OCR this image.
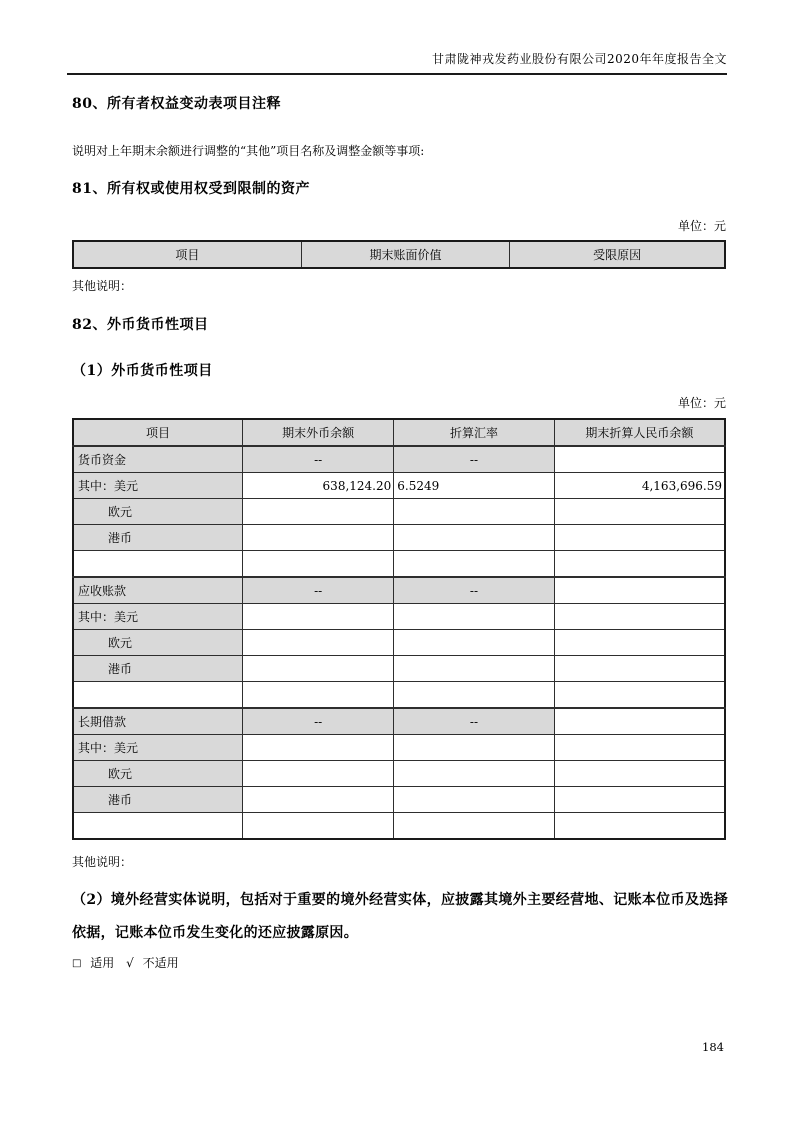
甘肃陇神戎发药业股份有限公司2020年年度报告全文
80、所有者权益变动表项目注释

说明对上年期末余额进行调整的“其他”项目名称及调整金额等事项:

81、所有权或使用权受到限制的资产

单位：元

项目	期末账面价值	受限原因

其他说明：

82、外币货币性项目
（1）外币货币性项目

单位：元

项目	期末外币余额	折算汇率	期末折算人民币余额
货币资金	--	--	
其中：美元	638,124.20	6.5249	4,163,696.59
欧元			
港币			

应收账款	--	--	
其中：美元			
欧元			
港币			

长期借款	--	--	
其中：美元			
欧元			
港币			

其他说明：

（2）境外经营实体说明，包括对于重要的境外经营实体，应披露其境外主要经营地、记账本位币及选择依据，记账本位币发生变化的还应披露原因。

□ 适用 √ 不适用

184
